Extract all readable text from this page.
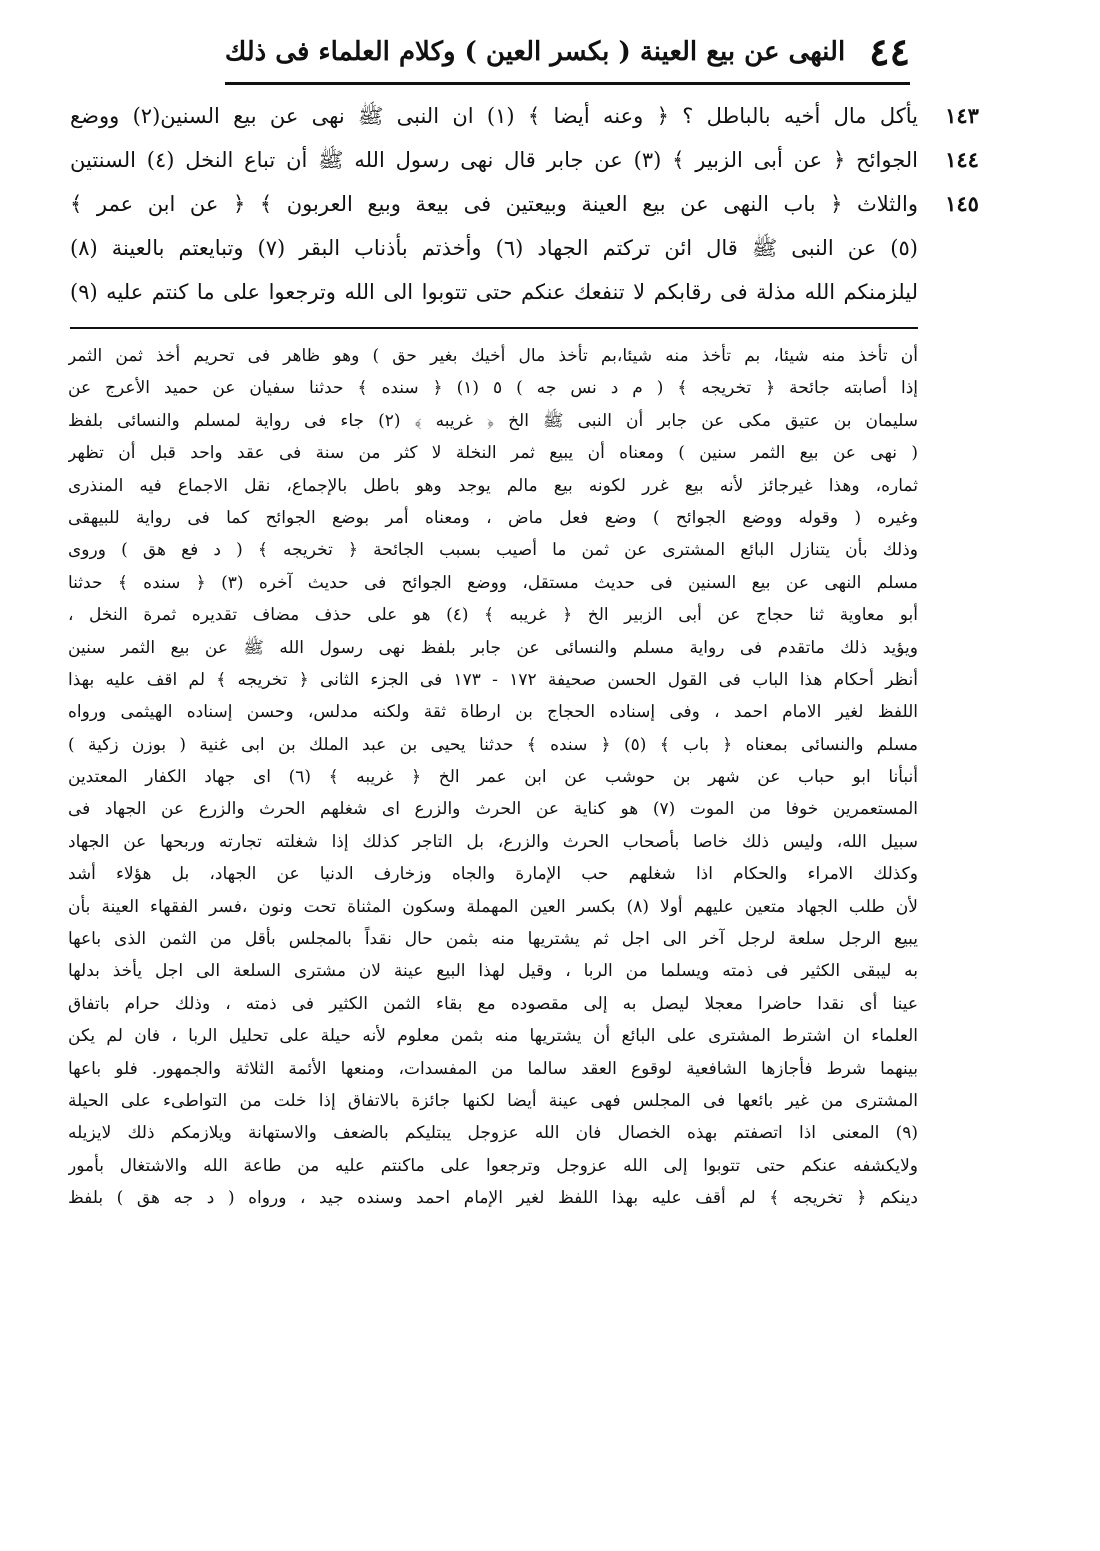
٤٤
النهى عن بيع العينة ( بكسر العين ) وكلام العلماء فى ذلك
يأكل مال أخيه بالباطل ؟ ﴿ وعنه أيضا ﴾ (١) ان النبى ﷺ نهى عن بيع السنين(٢) ووضع
الجوائح ﴿ عن أبى الزبير ﴾ (٣) عن جابر قال نهى رسول الله ﷺ أن تباع النخل (٤) السنتين
والثلاث ﴿ باب النهى عن بيع العينة وبيعتين فى بيعة وبيع العربون ﴾ ﴿ عن ابن عمر ﴾
(٥) عن النبى ﷺ قال ائن تركتم الجهاد (٦) وأخذتم بأذناب البقر (٧) وتبايعتم بالعينة (٨)
ليلزمنكم الله مذلة فى رقابكم لا تنفعك عنكم حتى تتوبوا الى الله وترجعوا على ما كنتم عليه (٩)
١٤٣
١٤٤
١٤٥
أن تأخذ منه شيئا، بم تأخذ منه شيئا،بم تأخذ مال أخيك بغير حق ) وهو ظاهر فى تحريم أخذ ثمن الثمر
إذا أصابته جائحة ﴿ تخريجه ﴾ ( م د نس جه ) ٥ (١) ﴿ سنده ﴾ حدثنا سفيان عن حميد الأعرج عن
سليمان بن عتيق مكى عن جابر أن النبى ﷺ الخ ﴿ غريبه ﴾ (٢) جاء فى رواية لمسلم والنسائى بلفظ
( نهى عن بيع الثمر سنين ) ومعناه أن يبيع ثمر النخلة لا كثر من سنة فى عقد واحد قبل أن تظهر
ثماره، وهذا غيرجائز لأنه بيع غرر لكونه بيع مالم يوجد وهو باطل بالإجماع، نقل الاجماع فيه المنذرى
وغيره ( وقوله ووضع الجوائح ) وضع فعل ماض ، ومعناه أمر بوضع الجوائح كما فى رواية للبيهقى
وذلك بأن يتنازل البائع المشترى عن ثمن ما أصيب بسبب الجائحة ﴿ تخريجه ﴾ ( د فع هق ) وروى
مسلم النهى عن بيع السنين فى حديث مستقل، ووضع الجوائح فى حديث آخره (٣) ﴿ سنده ﴾ حدثنا
أبو معاوية ثنا حجاج عن أبى الزبير الخ ﴿ غريبه ﴾ (٤) هو على حذف مضاف تقديره ثمرة النخل ،
ويؤيد ذلك ماتقدم فى رواية مسلم والنسائى عن جابر بلفظ نهى رسول الله ﷺ عن بيع الثمر سنين
أنظر أحكام هذا الباب فى القول الحسن صحيفة ١٧٢ - ١٧٣ فى الجزء الثانى ﴿ تخريجه ﴾ لم اقف عليه بهذا
اللفظ لغير الامام احمد ، وفى إسناده الحجاج بن ارطاة ثقة ولكنه مدلس، وحسن إسناده الهيثمى ورواه
مسلم والنسائى بمعناه ﴿ باب ﴾ (٥) ﴿ سنده ﴾ حدثنا يحيى بن عبد الملك بن ابى غنية ( بوزن زكية )
أنبأنا ابو حباب عن شهر بن حوشب عن ابن عمر الخ ﴿ غريبه ﴾ (٦) اى جهاد الكفار المعتدين
المستعمرين خوفا من الموت (٧) هو كناية عن الحرث والزرع اى شغلهم الحرث والزرع عن الجهاد فى
سبيل الله، وليس ذلك خاصا بأصحاب الحرث والزرع، بل التاجر كذلك إذا شغلته تجارته وربحها عن الجهاد
وكذلك الامراء والحكام اذا شغلهم حب الإمارة والجاه وزخارف الدنيا عن الجهاد، بل هؤلاء أشد
لأن طلب الجهاد متعين عليهم أولا (٨) بكسر العين المهملة وسكون المثناة تحت ونون ،فسر الفقهاء العينة بأن
يبيع الرجل سلعة لرجل آخر الى اجل ثم يشتريها منه بثمن حال نقداً بالمجلس بأقل من الثمن الذى باعها
به ليبقى الكثير فى ذمته ويسلما من الربا ، وقيل لهذا البيع عينة لان مشترى السلعة الى اجل يأخذ بدلها
عينا أى نقدا حاضرا معجلا ليصل به إلى مقصوده مع بقاء الثمن الكثير فى ذمته ، وذلك حرام باتفاق
العلماء ان اشترط المشترى على البائع أن يشتريها منه بثمن معلوم لأنه حيلة على تحليل الربا ، فان لم يكن
بينهما شرط فأجازها الشافعية لوقوع العقد سالما من المفسدات، ومنعها الأئمة الثلاثة والجمهور. فلو باعها
المشترى من غير بائعها فى المجلس فهى عينة أيضا لكنها جائزة بالاتفاق إذا خلت من التواطىء على الحيلة
(٩) المعنى اذا اتصفتم بهذه الخصال فان الله عزوجل يبتليكم بالضعف والاستهانة ويلازمكم ذلك لايزيله
ولايكشفه عنكم حتى تتوبوا إلى الله عزوجل وترجعوا على ماكنتم عليه من طاعة الله والاشتغال بأمور
دينكم ﴿ تخريجه ﴾ لم أقف عليه بهذا اللفظ لغير الإمام احمد وسنده جيد ، ورواه ( د جه هق ) بلفظ
